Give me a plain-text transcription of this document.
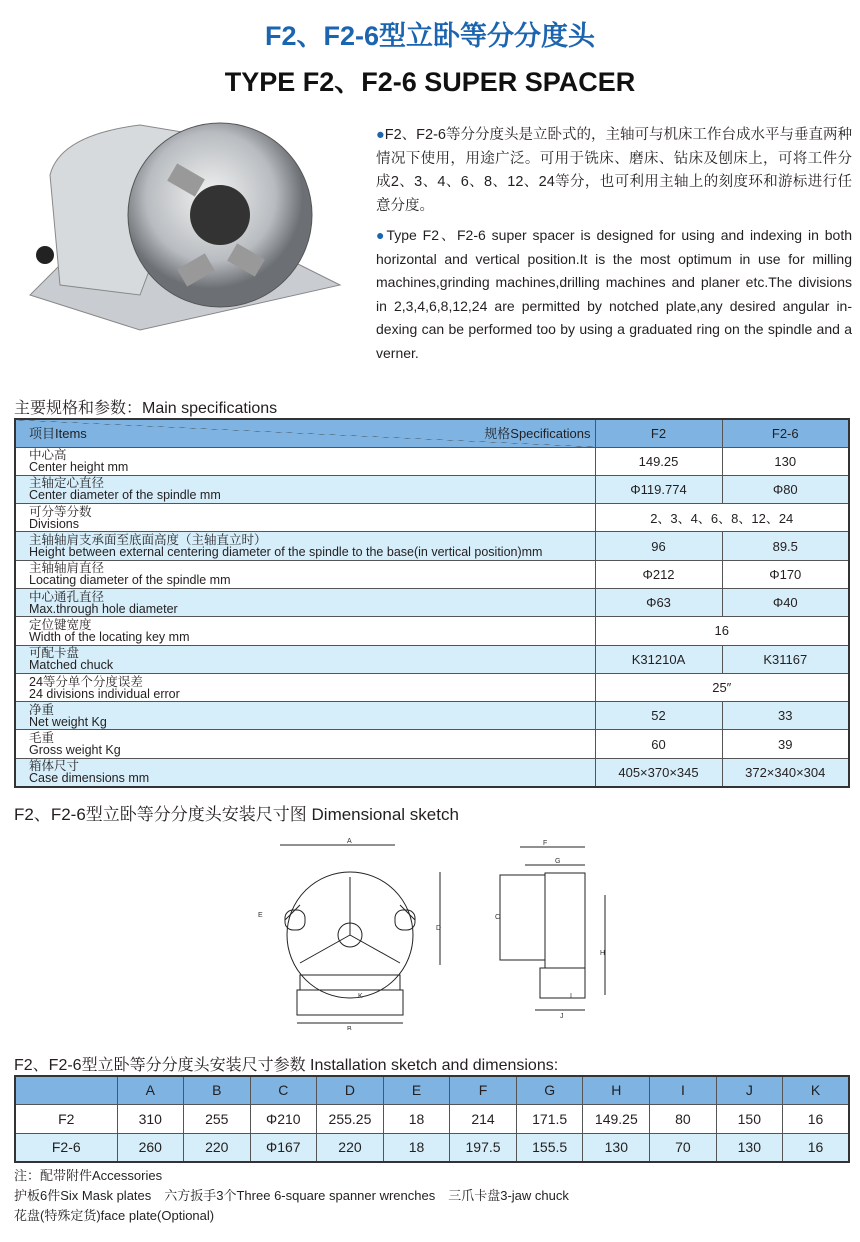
F2、F2-6型立卧等分分度头
TYPE F2、F2-6 SUPER SPACER
●F2、F2-6等分分度头是立卧式的，主轴可与机床工作台成水平与垂直两种情况下使用，用途广泛。可用于铣床、磨床、钻床及刨床上，可将工件分成2、3、4、6、8、12、24等分，也可利用主轴上的刻度环和游标进行任意分度。
●Type F2、F2-6 super spacer is designed for using and indexing in both horizontal and vertical position.It is the most optimum in use for milling machines,grinding machines,drilling machines and planer etc.The divisions in 2,3,4,6,8,12,24 are permitted by notched plate,any desired angular in-dexing can be performed too by using a graduated ring on the spindle and a verner.
主要规格和参数：Main specifications
项目Items 规格Specifications	F2	F2-6

中心高
Center height mm	149.25	130

主轴定心直径
Center diameter of the spindle mm	Φ119.774	Φ80

可分等分数
Divisions	2、3、4、6、8、12、24	

主轴轴肩支承面至底面高度（主轴直立时）
Height between external centering diameter of the spindle to the base(in vertical position)mm	96	89.5

主轴轴肩直径
Locating diameter of the spindle mm	Φ212	Φ170

中心通孔直径
Max.through hole diameter	Φ63	Φ40

定位键宽度
Width of the locating key mm	16	

可配卡盘
Matched chuck	K31210A	K31167

24等分单个分度误差
24 divisions individual error	25″	

净重
Net weight Kg	52	33

毛重
Gross weight Kg	60	39

箱体尺寸
Case dimensions mm	405×370×345	372×340×304
F2、F2-6型立卧等分分度头安装尺寸图 Dimensional sketch
A
B
C
D
E
F
G
H
I
J
K
F2、F2-6型立卧等分分度头安装尺寸参数 Installation sketch and dimensions:
	A	B	C	D	E	F	G	H	I	J	K
F2	310	255	Φ210	255.25	18	214	171.5	149.25	80	150	16
F2-6	260	220	Φ167	220	18	197.5	155.5	130	70	130	16
注：配带附件Accessories
护板6件Six Mask plates　六方扳手3个Three 6-square spanner wrenches　三爪卡盘3-jaw chuck
花盘(特殊定货)face plate(Optional)
